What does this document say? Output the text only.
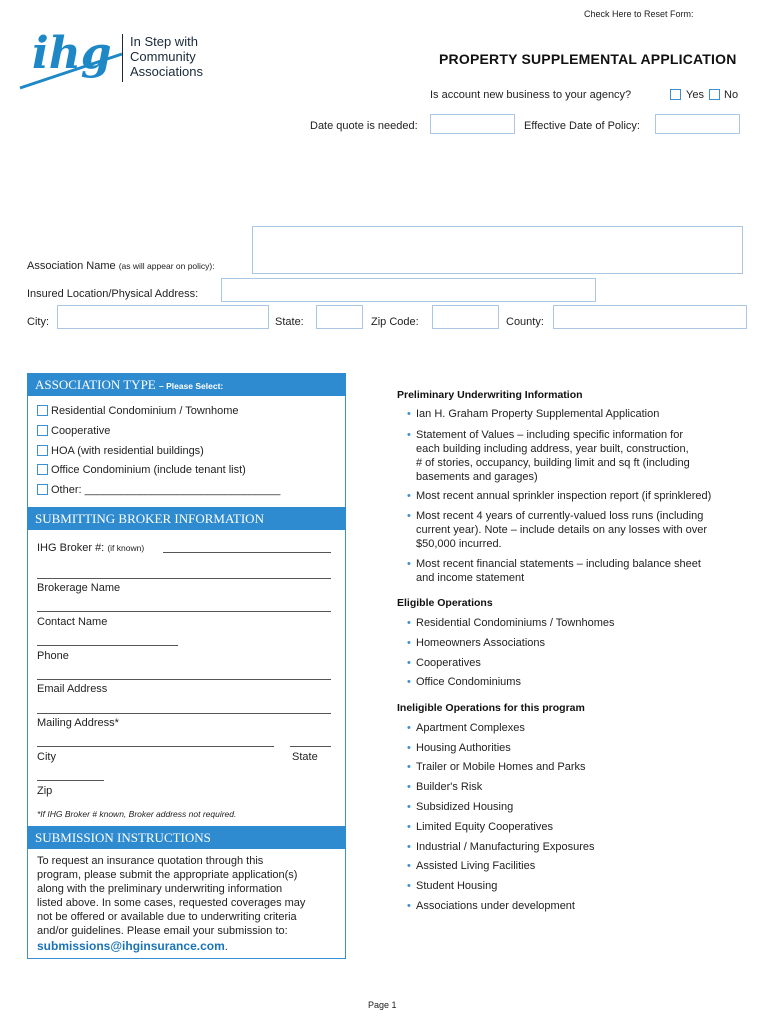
Check Here to Reset Form:
ihg In Step with
Community
Associations
PROPERTY SUPPLEMENTAL APPLICATION
Is account new business to your agency?	Yes No
Date quote is needed:	Effective Date of Policy:
Association Name (as will appear on policy):
Insured Location/Physical Address:
City:	State:	Zip Code:	County:
ASSOCIATION TYPE – Please Select:
Residential Condominium / Townhome
Cooperative
HOA (with residential buildings)
Office Condominium (include tenant list)
Other: ________________________________
SUBMITTING BROKER INFORMATION
IHG Broker #: (if known)
Brokerage Name
Contact Name
Phone
Email Address
Mailing Address*
City	State
Zip
*If IHG Broker # known, Broker address not required.
SUBMISSION INSTRUCTIONS
To request an insurance quotation through this
program, please submit the appropriate application(s)
along with the preliminary underwriting information
listed above. In some cases, requested coverages may
not be offered or available due to underwriting criteria
and/or guidelines. Please email your submission to:
submissions@ihginsurance.com.
Preliminary Underwriting Information
• Ian H. Graham Property Supplemental Application
• Statement of Values – including specific information for
each building including address, year built, construction,
# of stories, occupancy, building limit and sq ft (including
basements and garages)
• Most recent annual sprinkler inspection report (if sprinklered)
• Most recent 4 years of currently-valued loss runs (including
current year). Note – include details on any losses with over
$50,000 incurred.
• Most recent financial statements – including balance sheet
and income statement
Eligible Operations
• Residential Condominiums / Townhomes
• Homeowners Associations
• Cooperatives
• Office Condominiums
Ineligible Operations for this program
• Apartment Complexes
• Housing Authorities
• Trailer or Mobile Homes and Parks
• Builder's Risk
• Subsidized Housing
• Limited Equity Cooperatives
• Industrial / Manufacturing Exposures
• Assisted Living Facilities
• Student Housing
• Associations under development
Page 1
